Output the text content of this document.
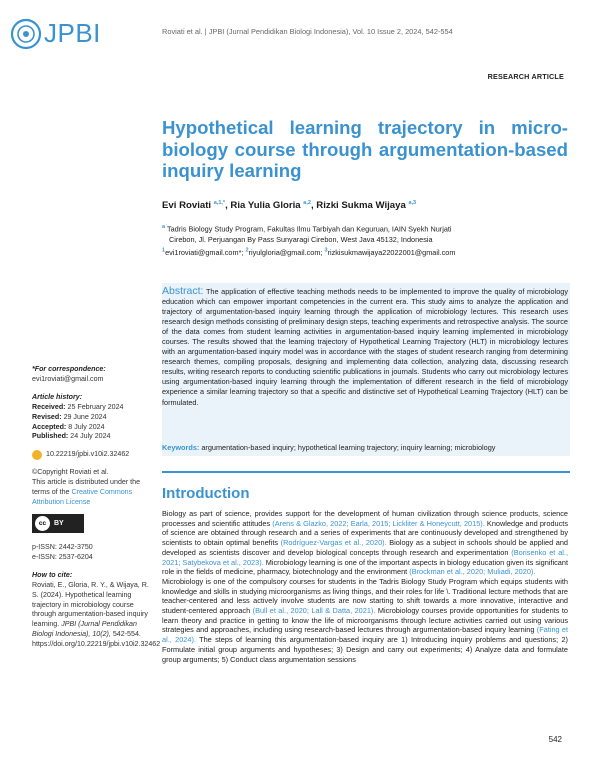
JPBI	Roviati et al. | JPBI (Jurnal Pendidikan Biologi Indonesia), Vol. 10 Issue 2, 2024, 542-554
RESEARCH ARTICLE
Hypothetical learning trajectory in micro-biology course through argumentation-based inquiry learning
Evi Roviati $^{a,1,*}$, Ria Yulia Gloria $^{a,2}$, Rizki Sukma Wijaya $^{a,3}$
$^a$ Tadris Biology Study Program, Fakultas Ilmu Tarbiyah dan Keguruan, IAIN Syekh Nurjati
Cirebon, Jl. Perjuangan By Pass Sunyaragi Cirebon, West Java 45132, Indonesia
$^1$evi1roviati@gmail.com*; $^2$riyulgloria@gmail.com; $^3$rizkisukmawijaya22022001@gmail.com
Abstract: The application of effective teaching methods needs to be implemented to improve the quality of microbiology education which can empower important competencies in the current era. This study aims to analyze the application and trajectory of argumentation-based inquiry learning through the application of microbiology lectures. This research uses research design methods consisting of preliminary design steps, teaching experiments and retrospective analysis. The source of the data comes from student learning activities in argumentation-based inquiry learning implemented in microbiology courses. The results showed that the learning trajectory of Hypothetical Learning Trajectory (HLT) in microbiology lectures with an argumentation-based inquiry model was in accordance with the stages of student research ranging from determining research themes, compiling proposals, designing and implementing data collection, analyzing data, discussing research results, writing research reports to conducting scientific publications in journals. Students who carry out microbiology lectures using argumentation-based inquiry learning through the implementation of different research in the field of microbiology experience a similar learning trajectory so that a specific and distinctive set of Hypothetical Learning Trajectory (HLT) can be formulated.
Keywords: argumentation-based inquiry; hypothetical learning trajectory; inquiry learning; microbiology
*For correspondence:
evi1roviati@gmail.com
Article history:
Received: 25 February 2024
Revised: 29 June 2024
Accepted: 8 July 2024
Published: 24 July 2024
10.22219/jpbi.v10i2.32462
©Copyright Roviati et al.
This article is distributed under the terms of the Creative Commons Attribution License
cc	BY
p-ISSN: 2442-3750
e-ISSN: 2537-6204
How to cite:
Roviati, E., Gloria, R. Y., & Wijaya, R. S. (2024). Hypothetical learning trajectory in microbiology course through argumentation-based inquiry learning. JPBI (Jurnal Pendidikan Biologi Indonesia), 10(2), 542-554. https://doi.org/10.22219/jpbi.v10i2.32462
Introduction

Biology as part of science, provides support for the development of human civilization through science products, science processes and scientific attitudes (Arens & Glazko, 2022; Earla, 2015; Lickliter & Honeycutt, 2015). Knowledge and products of science are obtained through research and a series of experiments that are continuously developed and strengthened by scientists to obtain optimal benefits (Rodríguez-Vargas et al., 2020). Biology as a subject in schools should be applied and developed as scientists discover and develop biological concepts through research and experimentation (Borisenko et al., 2021; Satybekova et al., 2023). Microbiology learning is one of the important aspects in biology education given its significant role in the fields of medicine, pharmacy, biotechnology and the environment (Brockman et al., 2020; Muliadi, 2020).

Microbiology is one of the compulsory courses for students in the Tadris Biology Study Program which equips students with knowledge and skills in studying microorganisms as living things, and their roles for life \. Traditional lecture methods that are teacher-centered and less actively involve students are now starting to shift towards a more innovative, interactive and student-centered approach (Bull et al., 2020; Lall & Datta, 2021). Microbiology courses provide opportunities for students to learn theory and practice in getting to know the life of microorganisms through lecture activities carried out using various strategies and approaches, including using research-based lectures through argumentation-based inquiry learning (Fating et al., 2024). The steps of learning this argumentation-based inquiry are 1) Introducing inquiry problems and questions; 2) Formulate initial group arguments and hypotheses; 3) Design and carry out experiments; 4) Analyze data and formulate group arguments; 5) Conduct class argumentation sessions

542
